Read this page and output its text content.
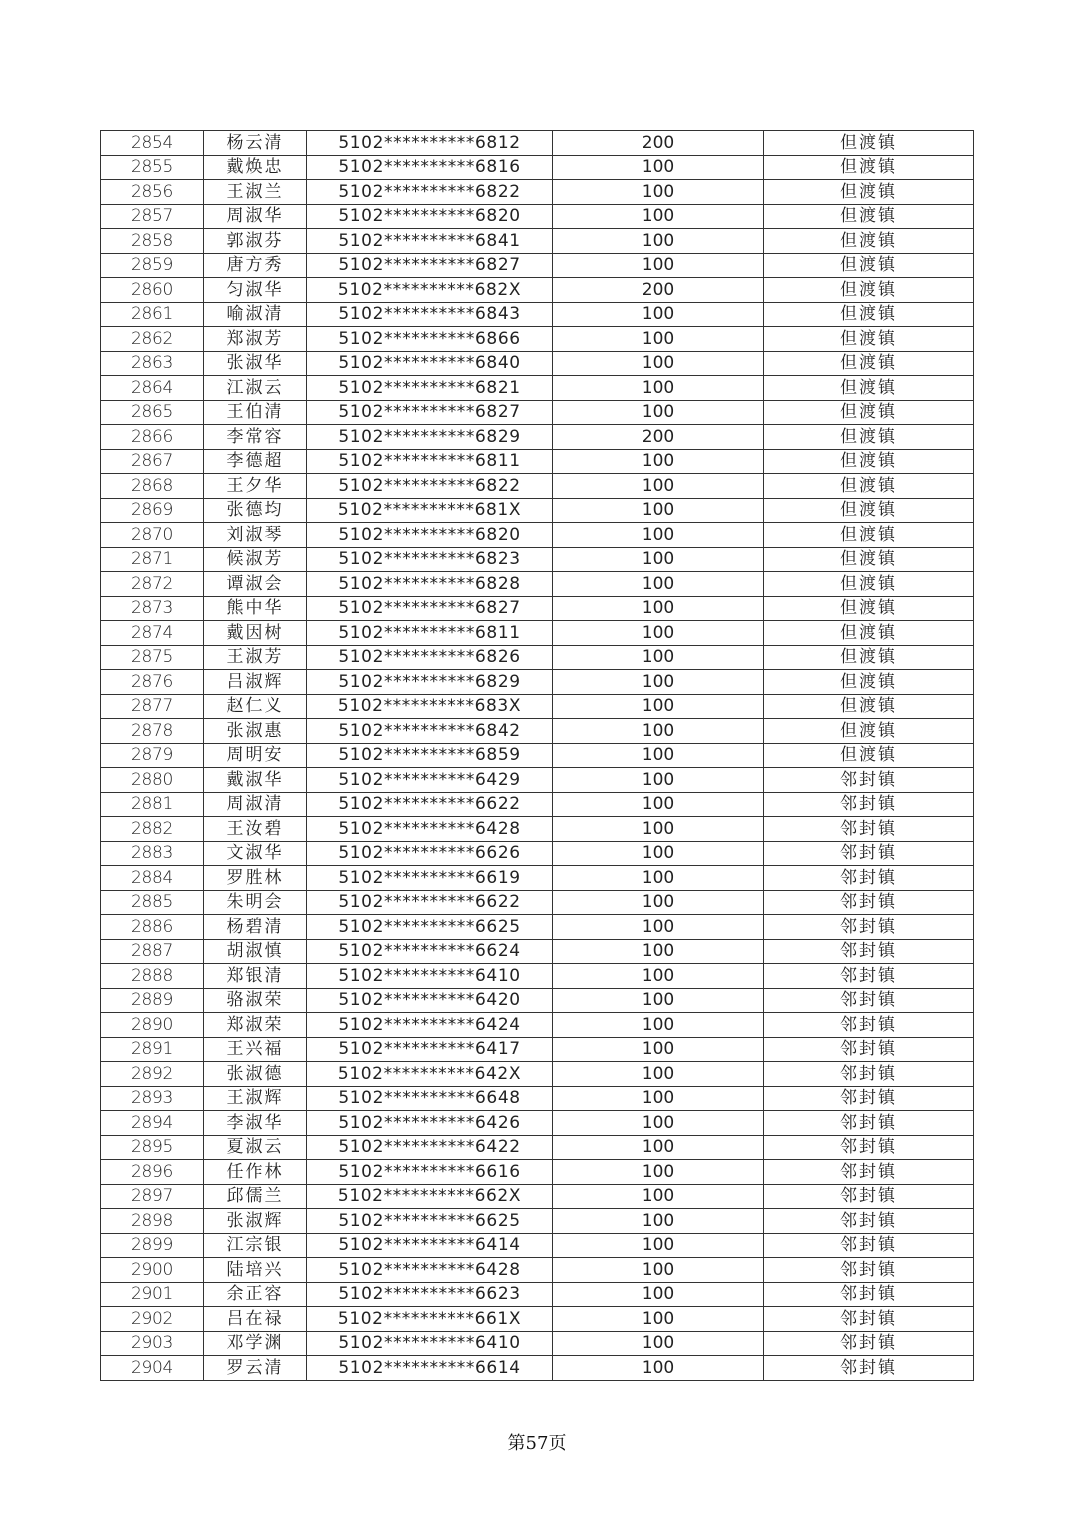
2854	杨云清	5102**********6812	200	但渡镇
2855	戴焕忠	5102**********6816	100	但渡镇
2856	王淑兰	5102**********6822	100	但渡镇
2857	周淑华	5102**********6820	100	但渡镇
2858	郭淑芬	5102**********6841	100	但渡镇
2859	唐方秀	5102**********6827	100	但渡镇
2860	匀淑华	5102**********682X	200	但渡镇
2861	喻淑清	5102**********6843	100	但渡镇
2862	郑淑芳	5102**********6866	100	但渡镇
2863	张淑华	5102**********6840	100	但渡镇
2864	江淑云	5102**********6821	100	但渡镇
2865	王伯清	5102**********6827	100	但渡镇
2866	李常容	5102**********6829	200	但渡镇
2867	李德超	5102**********6811	100	但渡镇
2868	王夕华	5102**********6822	100	但渡镇
2869	张德均	5102**********681X	100	但渡镇
2870	刘淑琴	5102**********6820	100	但渡镇
2871	候淑芳	5102**********6823	100	但渡镇
2872	谭淑会	5102**********6828	100	但渡镇
2873	熊中华	5102**********6827	100	但渡镇
2874	戴因树	5102**********6811	100	但渡镇
2875	王淑芳	5102**********6826	100	但渡镇
2876	吕淑辉	5102**********6829	100	但渡镇
2877	赵仁义	5102**********683X	100	但渡镇
2878	张淑惠	5102**********6842	100	但渡镇
2879	周明安	5102**********6859	100	但渡镇
2880	戴淑华	5102**********6429	100	邻封镇
2881	周淑清	5102**********6622	100	邻封镇
2882	王汝碧	5102**********6428	100	邻封镇
2883	文淑华	5102**********6626	100	邻封镇
2884	罗胜林	5102**********6619	100	邻封镇
2885	朱明会	5102**********6622	100	邻封镇
2886	杨碧清	5102**********6625	100	邻封镇
2887	胡淑慎	5102**********6624	100	邻封镇
2888	郑银清	5102**********6410	100	邻封镇
2889	骆淑荣	5102**********6420	100	邻封镇
2890	郑淑荣	5102**********6424	100	邻封镇
2891	王兴福	5102**********6417	100	邻封镇
2892	张淑德	5102**********642X	100	邻封镇
2893	王淑辉	5102**********6648	100	邻封镇
2894	李淑华	5102**********6426	100	邻封镇
2895	夏淑云	5102**********6422	100	邻封镇
2896	任作林	5102**********6616	100	邻封镇
2897	邱儒兰	5102**********662X	100	邻封镇
2898	张淑辉	5102**********6625	100	邻封镇
2899	江宗银	5102**********6414	100	邻封镇
2900	陆培兴	5102**********6428	100	邻封镇
2901	余正容	5102**********6623	100	邻封镇
2902	吕在禄	5102**********661X	100	邻封镇
2903	邓学渊	5102**********6410	100	邻封镇
2904	罗云清	5102**********6614	100	邻封镇
第57页
